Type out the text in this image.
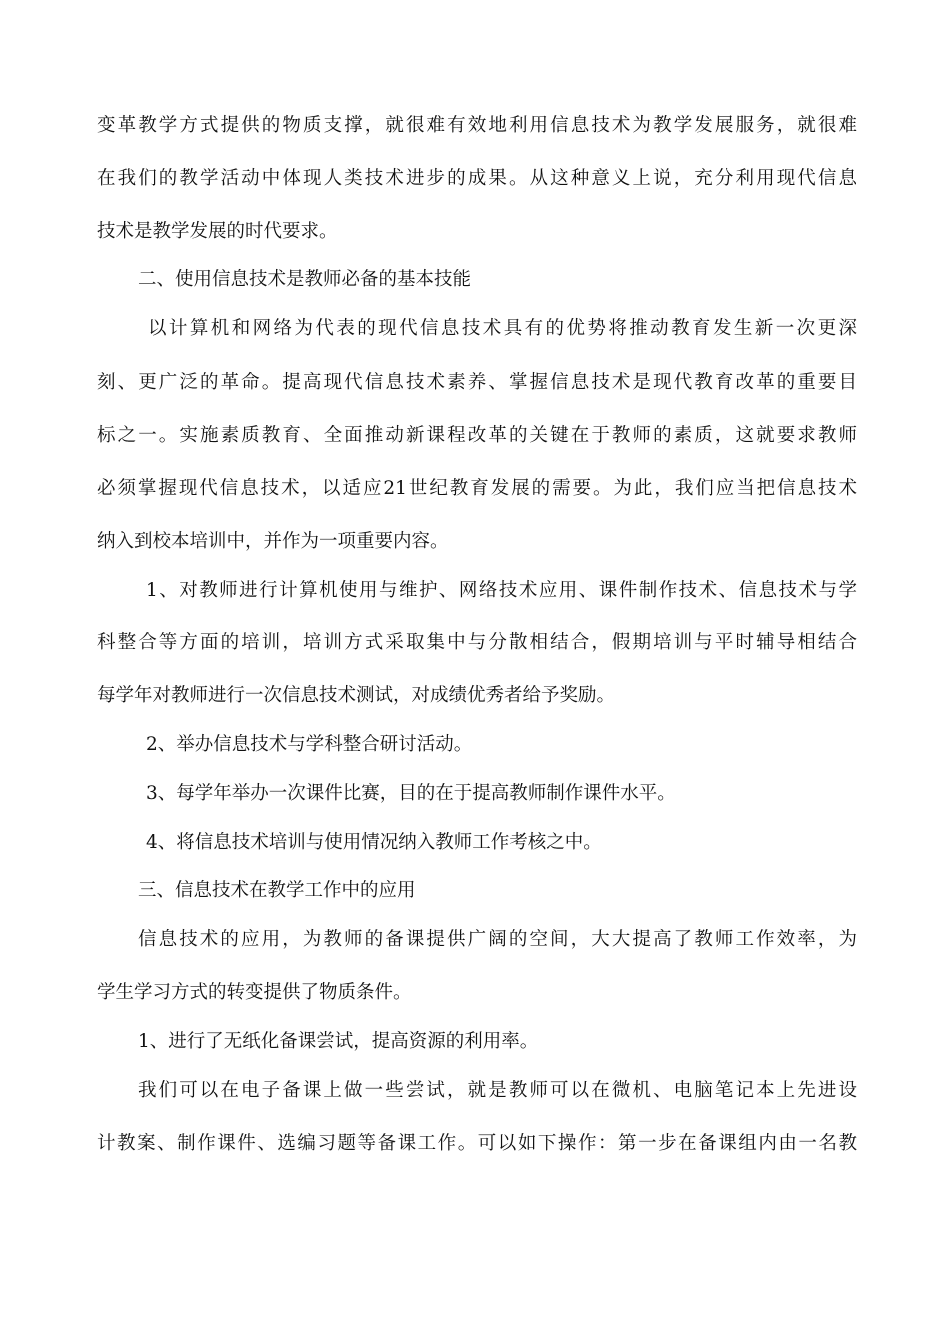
变革教学方式提供的物质支撑，就很难有效地利用信息技术为教学发展服务，就很难
在我们的教学活动中体现人类技术进步的成果。从这种意义上说，充分利用现代信息
技术是教学发展的时代要求。
二、使用信息技术是教师必备的基本技能
以计算机和网络为代表的现代信息技术具有的优势将推动教育发生新一次更深
刻、更广泛的革命。提高现代信息技术素养、掌握信息技术是现代教育改革的重要目
标之一。实施素质教育、全面推动新课程改革的关键在于教师的素质，这就要求教师
必须掌握现代信息技术，以适应21世纪教育发展的需要。为此，我们应当把信息技术
纳入到校本培训中，并作为一项重要内容。
1、对教师进行计算机使用与维护、网络技术应用、课件制作技术、信息技术与学
科整合等方面的培训，培训方式采取集中与分散相结合，假期培训与平时辅导相结合
每学年对教师进行一次信息技术测试，对成绩优秀者给予奖励。
2、举办信息技术与学科整合研讨活动。
3、每学年举办一次课件比赛，目的在于提高教师制作课件水平。
4、将信息技术培训与使用情况纳入教师工作考核之中。
三、信息技术在教学工作中的应用
信息技术的应用，为教师的备课提供广阔的空间，大大提高了教师工作效率，为
学生学习方式的转变提供了物质条件。
1、进行了无纸化备课尝试，提高资源的利用率。
我们可以在电子备课上做一些尝试，就是教师可以在微机、电脑笔记本上先进设
计教案、制作课件、选编习题等备课工作。可以如下操作：第一步在备课组内由一名教
